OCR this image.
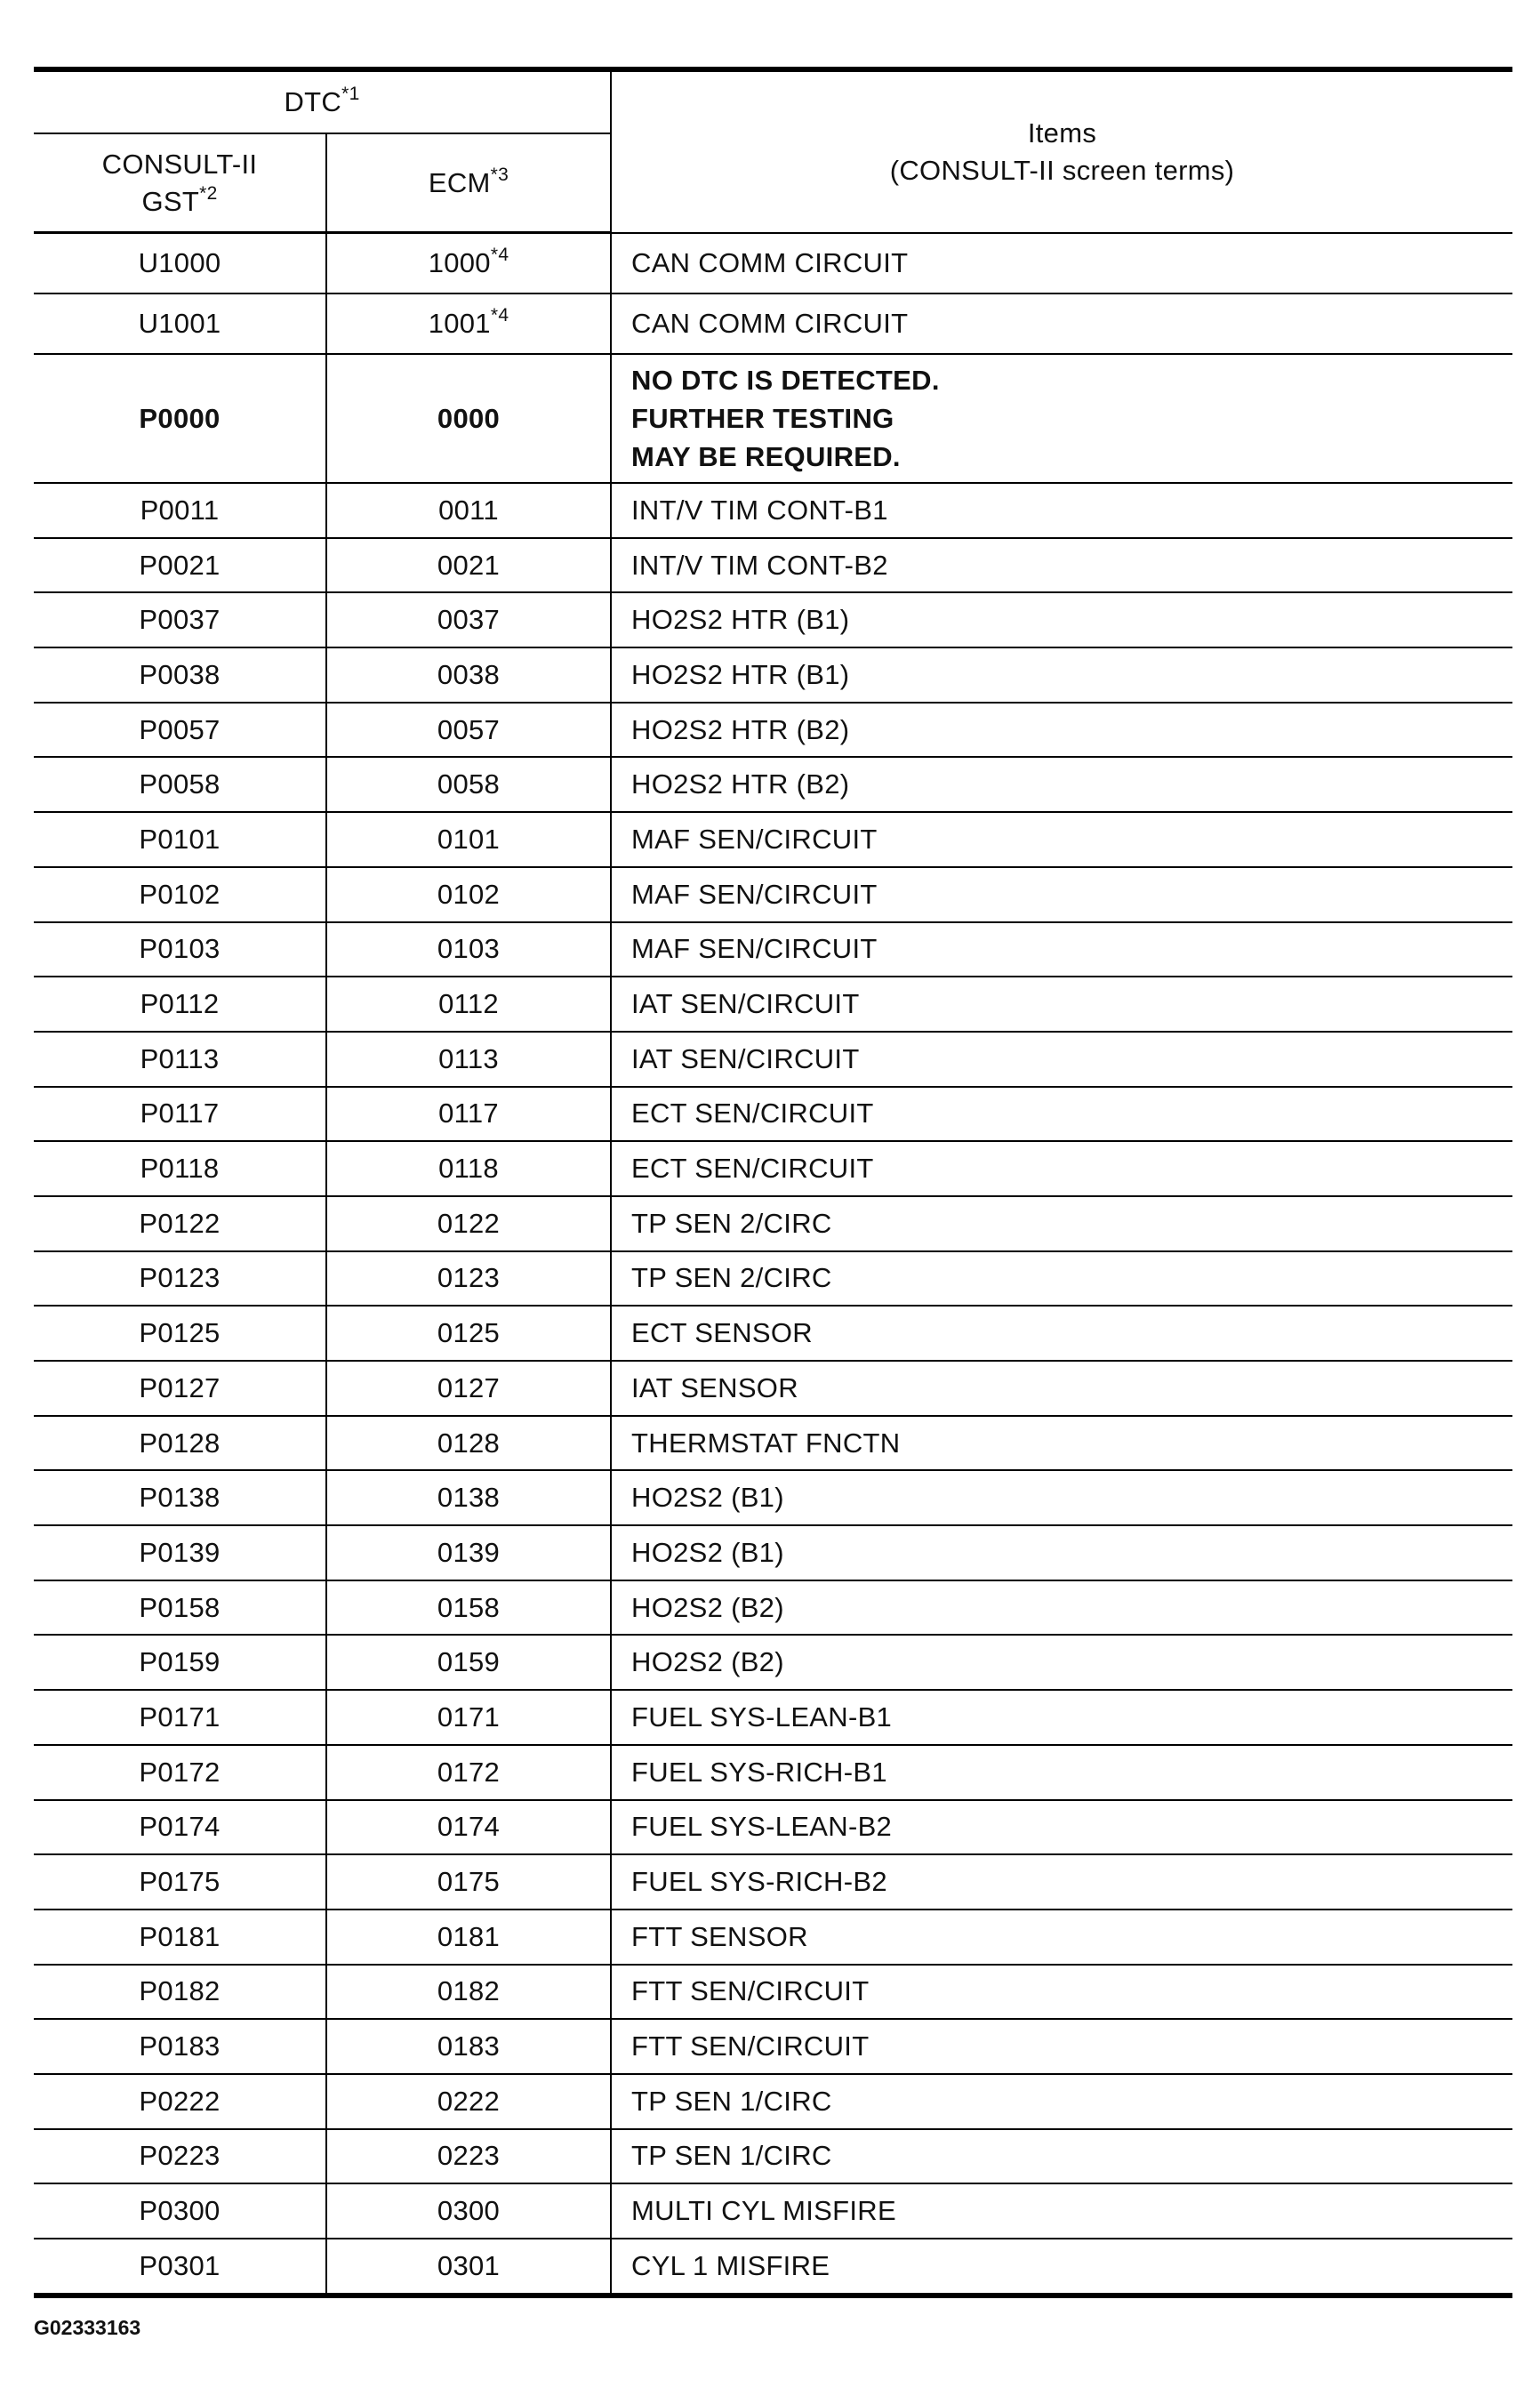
DTC$^{*1}$		Items
(CONSULT-II screen terms)

CONSULT-II
GST$^{*2}$	ECM$^{*3}$
U1000	1000$^{*4}$	CAN COMM CIRCUIT
U1001	1001$^{*4}$	CAN COMM CIRCUIT
P0000	0000	NO DTC IS DETECTED.
FURTHER TESTING
MAY BE REQUIRED.

P0011	0011	INT/V TIM CONT-B1
P0021	0021	INT/V TIM CONT-B2
P0037	0037	HO2S2 HTR (B1)
P0038	0038	HO2S2 HTR (B1)
P0057	0057	HO2S2 HTR (B2)
P0058	0058	HO2S2 HTR (B2)
P0101	0101	MAF SEN/CIRCUIT
P0102	0102	MAF SEN/CIRCUIT
P0103	0103	MAF SEN/CIRCUIT
P0112	0112	IAT SEN/CIRCUIT
P0113	0113	IAT SEN/CIRCUIT
P0117	0117	ECT SEN/CIRCUIT
P0118	0118	ECT SEN/CIRCUIT
P0122	0122	TP SEN 2/CIRC
P0123	0123	TP SEN 2/CIRC
P0125	0125	ECT SENSOR
P0127	0127	IAT SENSOR
P0128	0128	THERMSTAT FNCTN
P0138	0138	HO2S2 (B1)
P0139	0139	HO2S2 (B1)
P0158	0158	HO2S2 (B2)
P0159	0159	HO2S2 (B2)
P0171	0171	FUEL SYS-LEAN-B1
P0172	0172	FUEL SYS-RICH-B1
P0174	0174	FUEL SYS-LEAN-B2
P0175	0175	FUEL SYS-RICH-B2
P0181	0181	FTT SENSOR
P0182	0182	FTT SEN/CIRCUIT
P0183	0183	FTT SEN/CIRCUIT
P0222	0222	TP SEN 1/CIRC
P0223	0223	TP SEN 1/CIRC
P0300	0300	MULTI CYL MISFIRE
P0301	0301	CYL 1 MISFIRE
G02333163
